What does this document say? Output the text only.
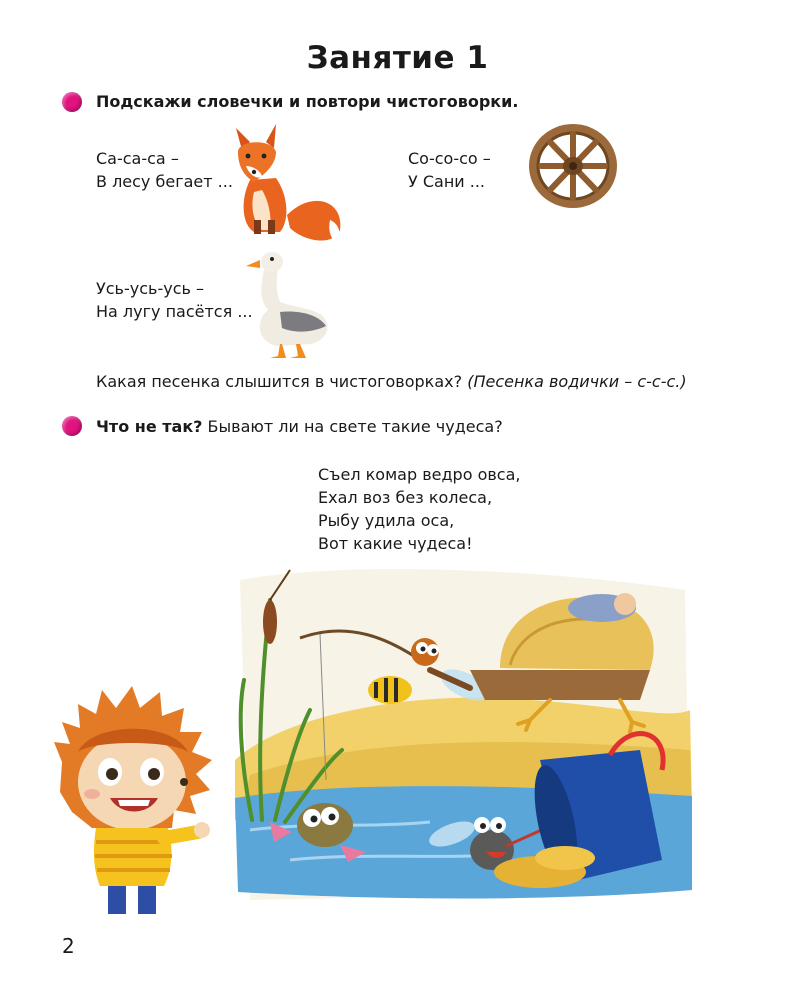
Занятие 1
Подскажи словечки и повтори чистоговорки.
Са-са-са –
В лесу бегает ...
Со-со-со –
У Сани ...
Усь-усь-усь –
На лугу пасётся ...
Какая песенка слышится в чистоговорках? (Песенка водички – с-с-с.)
Что не так? Бывают ли на свете такие чудеса?
Съел комар ведро овса,
Ехал воз без колеса,
Рыбу удила оса,
Вот какие чудеса!
2
